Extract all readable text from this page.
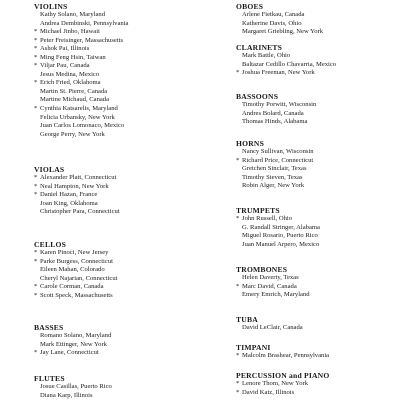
VIOLINS
Kathy Solano, Maryland
Andrea Dembinski, Pennsylvania
* Michael Jinbo, Hawaii
* Peter Freisinger, Massachusetts
* Ashok Pai, Illinois
* Ming Feng Hsin, Taiwan
* Viljar Pau, Canada
Jesus Medina, Mexico
* Erich Fried, Oklahoma
Martin St. Pierre, Canada
Martine Michaud, Canada
* Cynthia Katsarelis, Maryland
Felicia Urbansky, New York
Juan Carlos Lomonaco, Mexico
George Perry, New York
VIOLAS
* Alexander Platt, Connecticut
* Neal Hampton, New York
* Daniel Hazan, France
Joan King, Oklahoma
Christopher Para, Connecticut
CELLOS
* Karen Pinoci, New Jersey
* Parke Burgess, Connecticut
Eileen Mahan, Colorado
Cheryl Najarian, Connecticut
* Carole Corman, Canada
* Scott Speck, Massachusetts
BASSES
Romano Solano, Maryland
Mark Ettinger, New York
* Jay Lane, Connecticut
FLUTES
Josue Casillas, Puerto Rico
Diana Karp, Illinois
OBOES
Arlene Fietkau, Canada
Katherine Davis, Ohio
Margaret Griebling, New York
CLARINETS
Mark Battle, Ohio
Baltazar Cedillo Chavarria, Mexico
* Joshua Freeman, New York
BASSOONS
Timothy Porwitt, Wisconsin
Andres Bolard, Canada
Thomas Hinds, Alabama
HORNS
Nancy Sullivan, Wisconsin
* Richard Price, Connecticut
Gretchen Sinclair, Texas
Timothy Steven, Texas
Robin Alger, New York
TRUMPETS
* John Russell, Ohio
G. Randall Stringer, Alabama
Miguel Rosario, Puerto Rico
Juan Manuel Arpero, Mexico
TROMBONES
Helen Daverty, Texas
* Marc David, Canada
Emery Emrich, Maryland
TUBA
David LeClair, Canada
TIMPANI
* Malcolm Brashear, Pennsylvania
PERCUSSION and PIANO
* Lenore Thom, New York
* David Katz, Illinois
